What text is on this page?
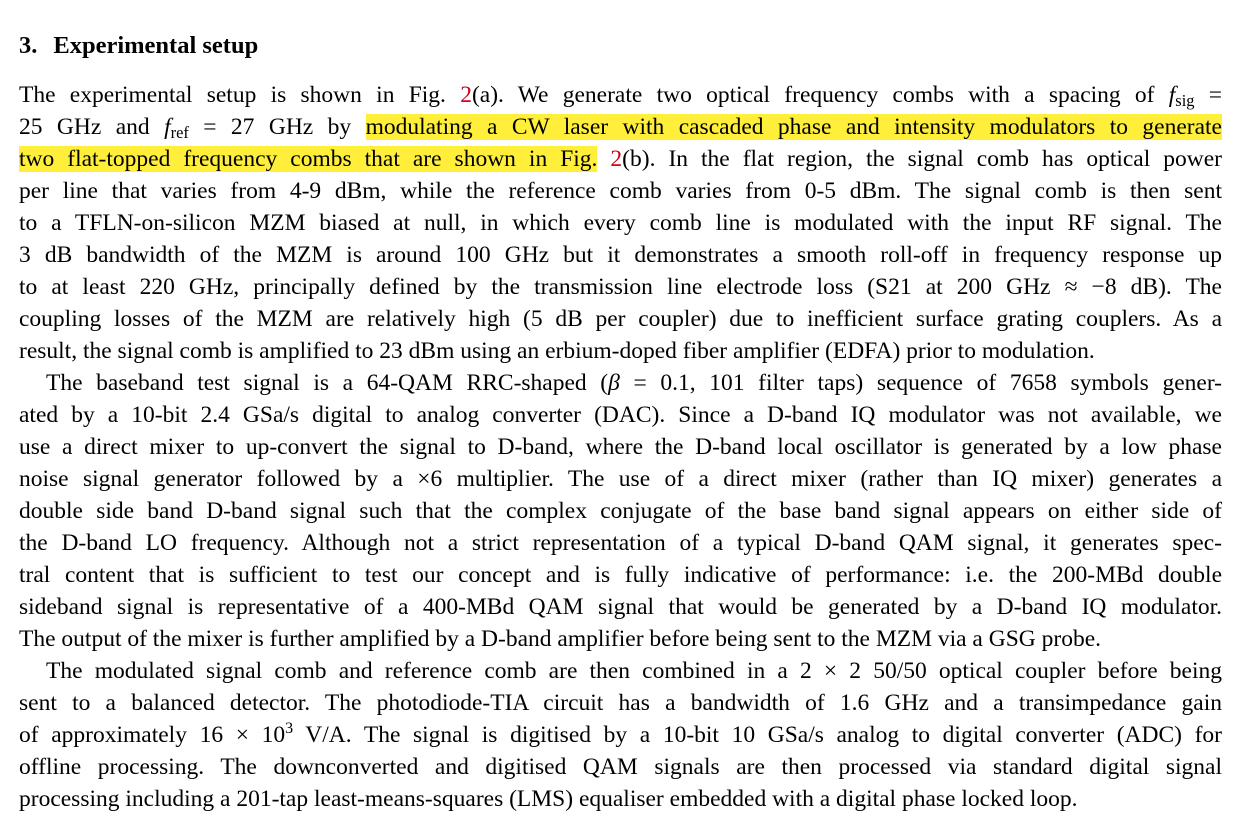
3. Experimental setup
The experimental setup is shown in Fig. 2(a). We generate two optical frequency combs with a spacing of $f_{sig}$ =
25 GHz and $f_{ref} = 27$ GHz by modulating a CW laser with cascaded phase and intensity modulators to generate
two flat-topped frequency combs that are shown in Fig. 2(b). In the flat region, the signal comb has optical power
per line that varies from 4-9 dBm, while the reference comb varies from 0-5 dBm. The signal comb is then sent
to a TFLN-on-silicon MZM biased at null, in which every comb line is modulated with the input RF signal. The
3 dB bandwidth of the MZM is around 100 GHz but it demonstrates a smooth roll-off in frequency response up
to at least 220 GHz, principally defined by the transmission line electrode loss (S21 at 200 GHz ≈ −8 dB). The
coupling losses of the MZM are relatively high (5 dB per coupler) due to inefficient surface grating couplers. As a
result, the signal comb is amplified to 23 dBm using an erbium-doped fiber amplifier (EDFA) prior to modulation.
The baseband test signal is a 64-QAM RRC-shaped (β = 0.1, 101 filter taps) sequence of 7658 symbols gener-
ated by a 10-bit 2.4 GSa/s digital to analog converter (DAC). Since a D-band IQ modulator was not available, we
use a direct mixer to up-convert the signal to D-band, where the D-band local oscillator is generated by a low phase
noise signal generator followed by a ×6 multiplier. The use of a direct mixer (rather than IQ mixer) generates a
double side band D-band signal such that the complex conjugate of the base band signal appears on either side of
the D-band LO frequency. Although not a strict representation of a typical D-band QAM signal, it generates spec-
tral content that is sufficient to test our concept and is fully indicative of performance: i.e. the 200-MBd double
sideband signal is representative of a 400-MBd QAM signal that would be generated by a D-band IQ modulator.
The output of the mixer is further amplified by a D-band amplifier before being sent to the MZM via a GSG probe.
The modulated signal comb and reference comb are then combined in a 2 × 2 50/50 optical coupler before being
sent to a balanced detector. The photodiode-TIA circuit has a bandwidth of 1.6 GHz and a transimpedance gain
of approximately $16 \times 10^3$ V/A. The signal is digitised by a 10-bit 10 GSa/s analog to digital converter (ADC) for
offline processing. The downconverted and digitised QAM signals are then processed via standard digital signal
processing including a 201-tap least-means-squares (LMS) equaliser embedded with a digital phase locked loop.
